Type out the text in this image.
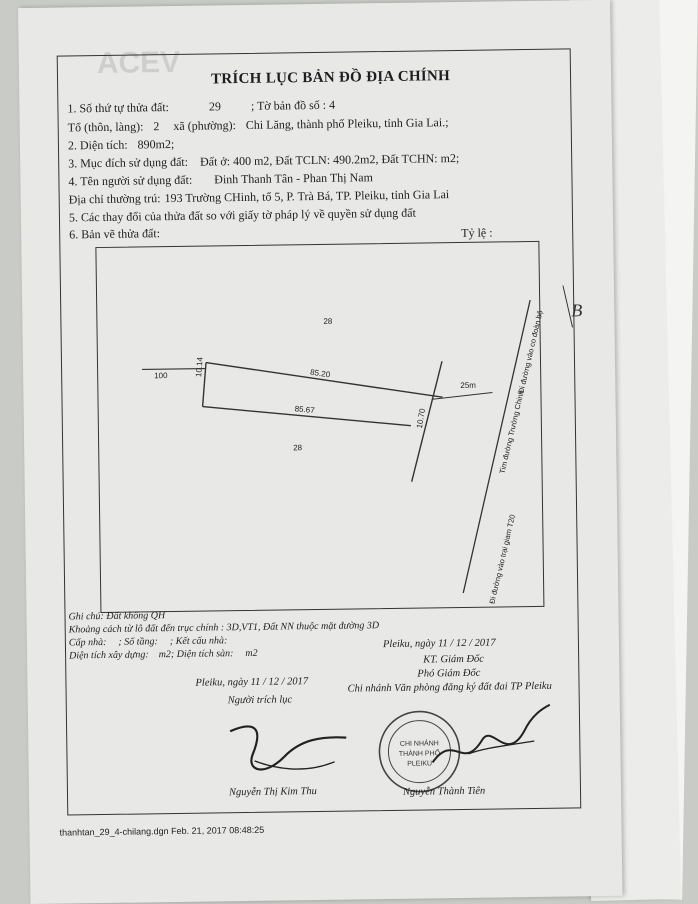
ACEV TRÍCH LỤC BẢN ĐỒ ĐỊA CHÍNH
1. Số thứ tự thửa đất:	29 ; Tờ bản đồ số : 4
Tổ (thôn, làng): 2 xã (phường): Chi Lăng, thành phố Pleiku, tỉnh Gia Lai.;
2. Diện tích: 890m2;
3. Mục đích sử dụng đất: Đất ở: 400 m2, Đất TCLN: 490.2m2, Đất TCHN: m2;
4. Tên người sử dụng đất: Đinh Thanh Tân - Phan Thị Nam
Địa chỉ thường trú: 193 Trường CHinh, tổ 5, P. Trà Bá, TP. Pleiku, tỉnh Gia Lai
5. Các thay đổi của thửa đất so với giấy tờ pháp lý về quyền sử dụng đất
6. Bản vẽ thửa đất:	Tỷ lệ :
B
28
100
28
85.20
85.67
10.14
10.70
25m	Đi đường vào co đoàn bộ
Tim đường Trường Chinh
Đi đường vào trại giam T20
Ghi chú: Đất không QH
Khoảng cách từ lô đất đến trục chính : 3D,VT1, Đất NN thuộc mặt đường 3D
Cấp nhà: ; Số tầng: ; Kết cấu nhà:
Diện tích xây dựng: m2; Diện tích sàn: m2
Pleiku, ngày 11 / 12 / 2017
KT. Giám Đốc
Phó Giám Đốc
Chi nhánh Văn phòng đăng ký đất đai TP Pleiku
Pleiku, ngày 11 / 12 / 2017
Người trích lục
CHI NHÁNH
THÀNH PHỐ
PLEIKU
Nguyễn Thị Kim Thu	Nguyễn Thành Tiên
thanhtan_29_4-chilang.dgn Feb. 21, 2017 08:48:25
